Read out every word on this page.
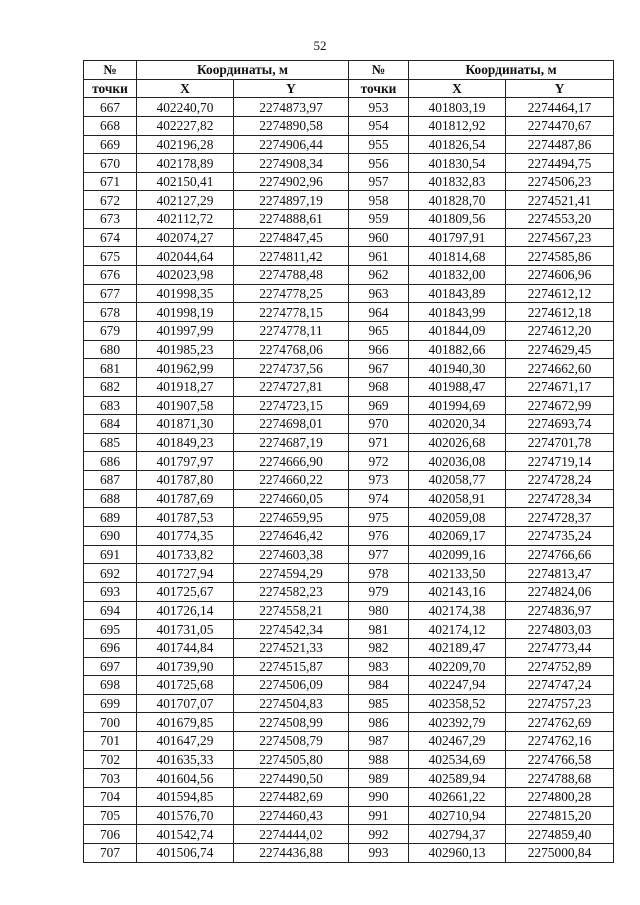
52
№	Координаты, м		№	Координаты, м	
точки	X	Y	точки	X	Y
667	402240,70	2274873,97	953	401803,19	2274464,17
668	402227,82	2274890,58	954	401812,92	2274470,67
669	402196,28	2274906,44	955	401826,54	2274487,86
670	402178,89	2274908,34	956	401830,54	2274494,75
671	402150,41	2274902,96	957	401832,83	2274506,23
672	402127,29	2274897,19	958	401828,70	2274521,41
673	402112,72	2274888,61	959	401809,56	2274553,20
674	402074,27	2274847,45	960	401797,91	2274567,23
675	402044,64	2274811,42	961	401814,68	2274585,86
676	402023,98	2274788,48	962	401832,00	2274606,96
677	401998,35	2274778,25	963	401843,89	2274612,12
678	401998,19	2274778,15	964	401843,99	2274612,18
679	401997,99	2274778,11	965	401844,09	2274612,20
680	401985,23	2274768,06	966	401882,66	2274629,45
681	401962,99	2274737,56	967	401940,30	2274662,60
682	401918,27	2274727,81	968	401988,47	2274671,17
683	401907,58	2274723,15	969	401994,69	2274672,99
684	401871,30	2274698,01	970	402020,34	2274693,74
685	401849,23	2274687,19	971	402026,68	2274701,78
686	401797,97	2274666,90	972	402036,08	2274719,14
687	401787,80	2274660,22	973	402058,77	2274728,24
688	401787,69	2274660,05	974	402058,91	2274728,34
689	401787,53	2274659,95	975	402059,08	2274728,37
690	401774,35	2274646,42	976	402069,17	2274735,24
691	401733,82	2274603,38	977	402099,16	2274766,66
692	401727,94	2274594,29	978	402133,50	2274813,47
693	401725,67	2274582,23	979	402143,16	2274824,06
694	401726,14	2274558,21	980	402174,38	2274836,97
695	401731,05	2274542,34	981	402174,12	2274803,03
696	401744,84	2274521,33	982	402189,47	2274773,44
697	401739,90	2274515,87	983	402209,70	2274752,89
698	401725,68	2274506,09	984	402247,94	2274747,24
699	401707,07	2274504,83	985	402358,52	2274757,23
700	401679,85	2274508,99	986	402392,79	2274762,69
701	401647,29	2274508,79	987	402467,29	2274762,16
702	401635,33	2274505,80	988	402534,69	2274766,58
703	401604,56	2274490,50	989	402589,94	2274788,68
704	401594,85	2274482,69	990	402661,22	2274800,28
705	401576,70	2274460,43	991	402710,94	2274815,20
706	401542,74	2274444,02	992	402794,37	2274859,40
707	401506,74	2274436,88	993	402960,13	2275000,84
